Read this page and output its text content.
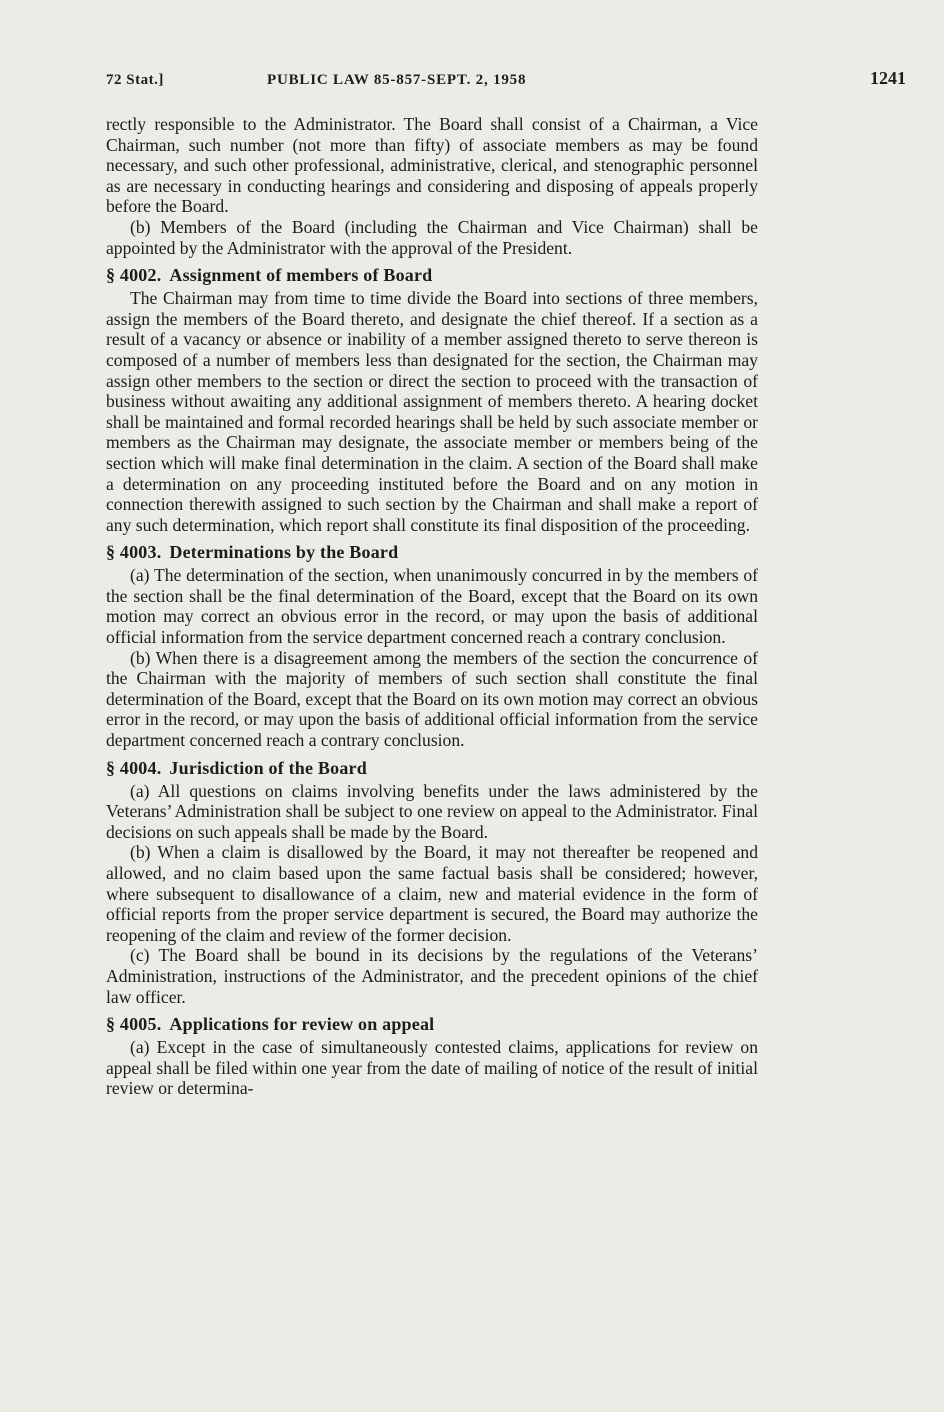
72 Stat.]	PUBLIC LAW 85-857-SEPT. 2, 1958	1241

rectly responsible to the Administrator. The Board shall consist of a Chairman, a Vice Chairman, such number (not more than fifty) of associate members as may be found necessary, and such other professional, administrative, clerical, and stenographic personnel as are necessary in conducting hearings and considering and disposing of appeals properly before the Board.

(b) Members of the Board (including the Chairman and Vice Chairman) shall be appointed by the Administrator with the approval of the President.

§ 4002. Assignment of members of Board

The Chairman may from time to time divide the Board into sections of three members, assign the members of the Board thereto, and designate the chief thereof. If a section as a result of a vacancy or absence or inability of a member assigned thereto to serve thereon is composed of a number of members less than designated for the section, the Chairman may assign other members to the section or direct the section to proceed with the transaction of business without awaiting any additional assignment of members thereto. A hearing docket shall be maintained and formal recorded hearings shall be held by such associate member or members as the Chairman may designate, the associate member or members being of the section which will make final determination in the claim. A section of the Board shall make a determination on any proceeding instituted before the Board and on any motion in connection therewith assigned to such section by the Chairman and shall make a report of any such determination, which report shall constitute its final disposition of the proceeding.

§ 4003. Determinations by the Board

(a) The determination of the section, when unanimously concurred in by the members of the section shall be the final determination of the Board, except that the Board on its own motion may correct an obvious error in the record, or may upon the basis of additional official information from the service department concerned reach a contrary conclusion.

(b) When there is a disagreement among the members of the section the concurrence of the Chairman with the majority of members of such section shall constitute the final determination of the Board, except that the Board on its own motion may correct an obvious error in the record, or may upon the basis of additional official information from the service department concerned reach a contrary conclusion.

§ 4004. Jurisdiction of the Board

(a) All questions on claims involving benefits under the laws administered by the Veterans’ Administration shall be subject to one review on appeal to the Administrator. Final decisions on such appeals shall be made by the Board.

(b) When a claim is disallowed by the Board, it may not thereafter be reopened and allowed, and no claim based upon the same factual basis shall be considered; however, where subsequent to disallowance of a claim, new and material evidence in the form of official reports from the proper service department is secured, the Board may authorize the reopening of the claim and review of the former decision.

(c) The Board shall be bound in its decisions by the regulations of the Veterans’ Administration, instructions of the Administrator, and the precedent opinions of the chief law officer.

§ 4005. Applications for review on appeal

(a) Except in the case of simultaneously contested claims, applications for review on appeal shall be filed within one year from the date of mailing of notice of the result of initial review or determina-
